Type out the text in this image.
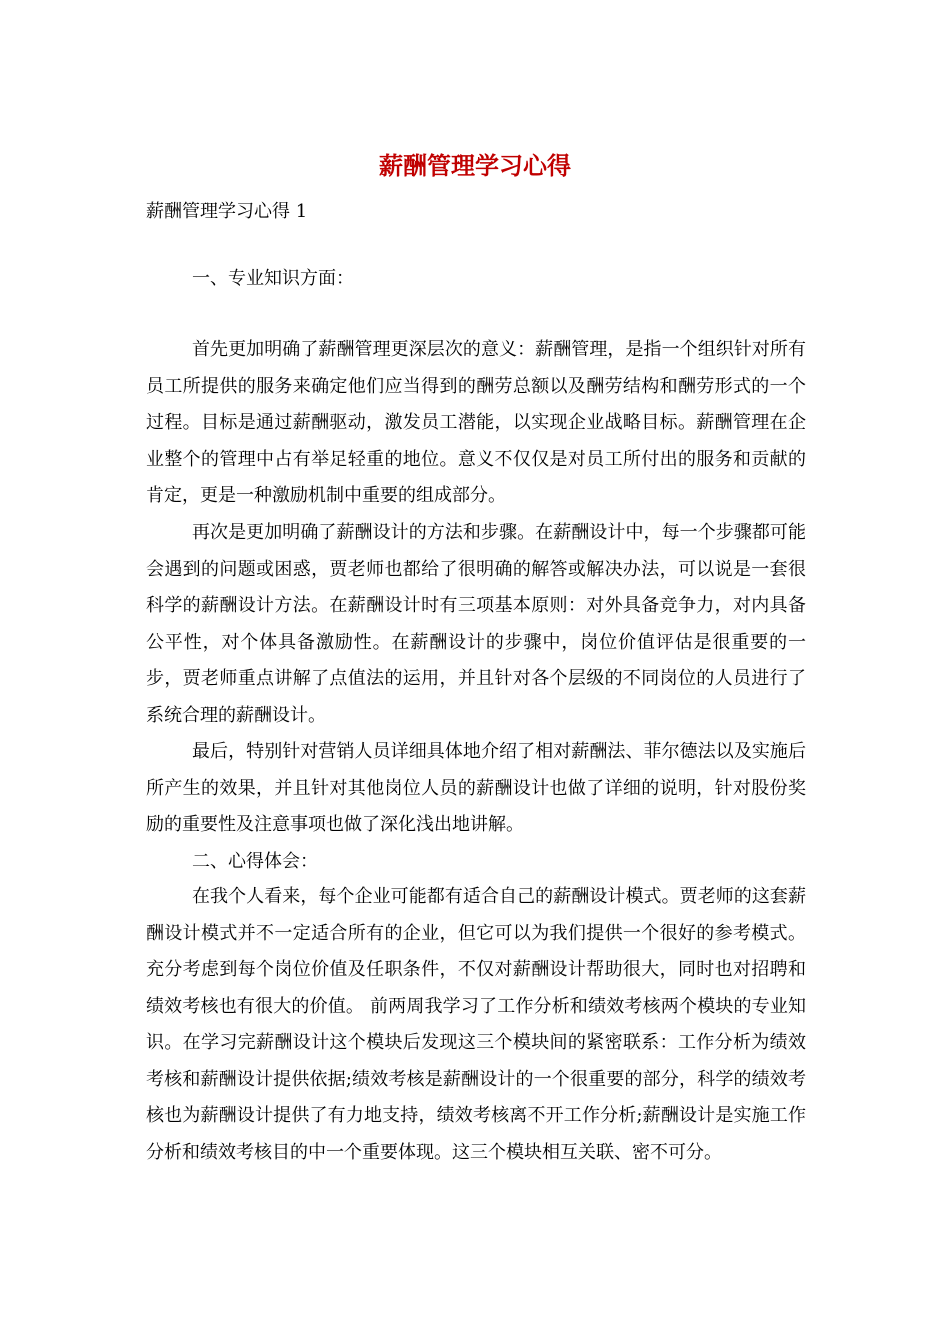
薪酬管理学习心得

薪酬管理学习心得 1

一、专业知识方面：

首先更加明确了薪酬管理更深层次的意义：薪酬管理，是指一个组织针对所有员工所提供的服务来确定他们应当得到的酬劳总额以及酬劳结构和酬劳形式的一个过程。目标是通过薪酬驱动，激发员工潜能，以实现企业战略目标。薪酬管理在企业整个的管理中占有举足轻重的地位。意义不仅仅是对员工所付出的服务和贡献的肯定，更是一种激励机制中重要的组成部分。

再次是更加明确了薪酬设计的方法和步骤。在薪酬设计中，每一个步骤都可能会遇到的问题或困惑，贾老师也都给了很明确的解答或解决办法，可以说是一套很科学的薪酬设计方法。在薪酬设计时有三项基本原则：对外具备竞争力，对内具备公平性，对个体具备激励性。在薪酬设计的步骤中，岗位价值评估是很重要的一步，贾老师重点讲解了点值法的运用，并且针对各个层级的不同岗位的人员进行了系统合理的薪酬设计。

最后，特别针对营销人员详细具体地介绍了相对薪酬法、菲尔德法以及实施后所产生的效果，并且针对其他岗位人员的薪酬设计也做了详细的说明，针对股份奖励的重要性及注意事项也做了深化浅出地讲解。

二、心得体会：

在我个人看来，每个企业可能都有适合自己的薪酬设计模式。贾老师的这套薪酬设计模式并不一定适合所有的企业，但它可以为我们提供一个很好的参考模式。充分考虑到每个岗位价值及任职条件，不仅对薪酬设计帮助很大，同时也对招聘和绩效考核也有很大的价值。 前两周我学习了工作分析和绩效考核两个模块的专业知识。在学习完薪酬设计这个模块后发现这三个模块间的紧密联系：工作分析为绩效考核和薪酬设计提供依据;绩效考核是薪酬设计的一个很重要的部分，科学的绩效考核也为薪酬设计提供了有力地支持，绩效考核离不开工作分析;薪酬设计是实施工作分析和绩效考核目的中一个重要体现。这三个模块相互关联、密不可分。
